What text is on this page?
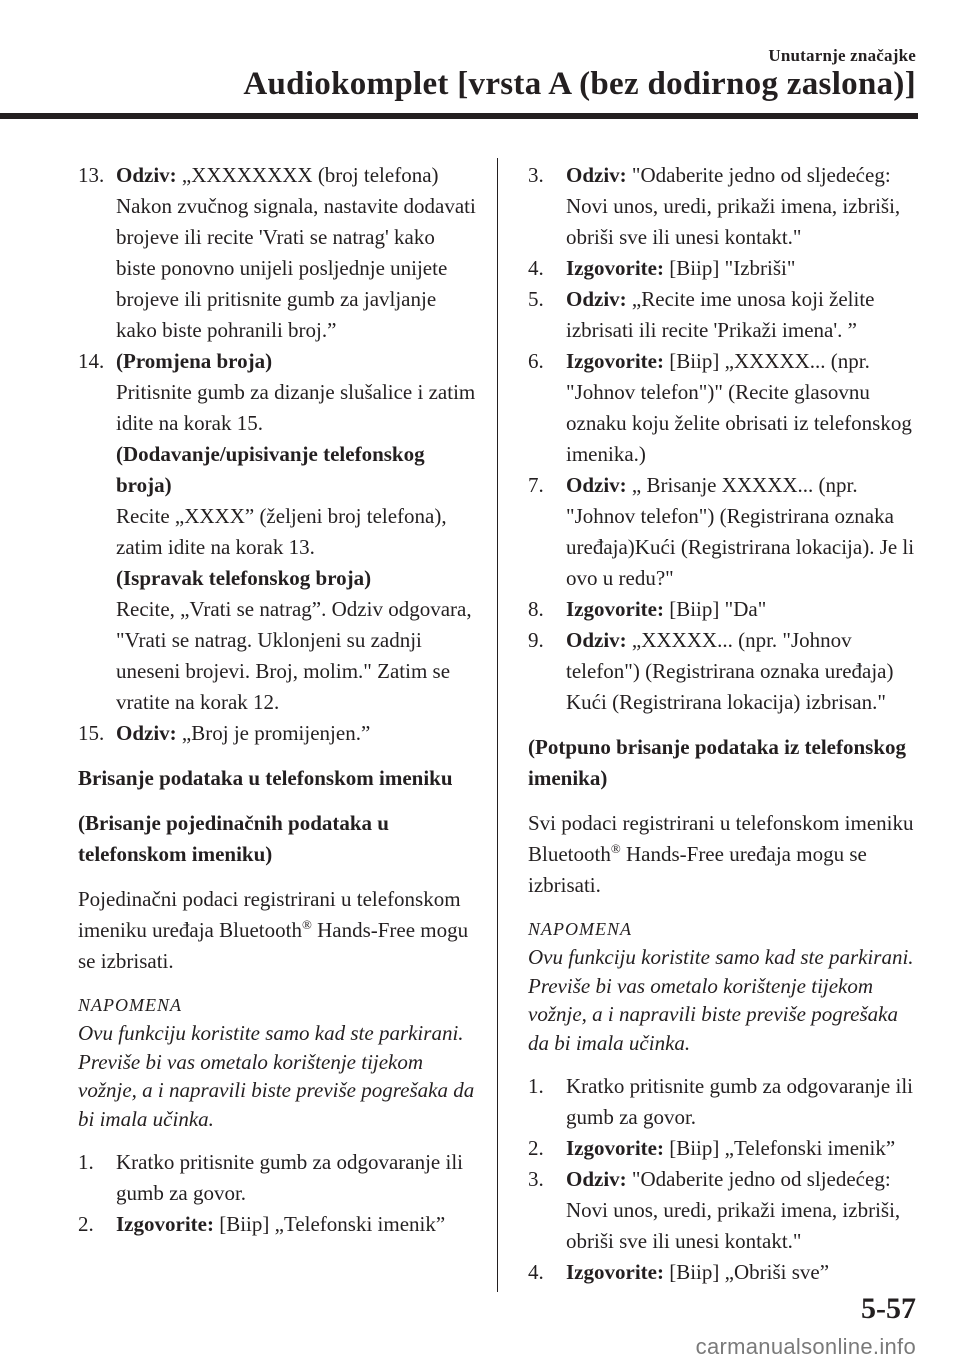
Unutarnje značajke
Audiokomplet [vrsta A (bez dodirnog zaslona)]
13. Odziv: „XXXXXXXX (broj telefona) Nakon zvučnog signala, nastavite dodavati brojeve ili recite 'Vrati se natrag' kako biste ponovno unijeli posljednje unijete brojeve ili pritisnite gumb za javljanje kako biste pohranili broj.”
14. (Promjena broja)
Pritisnite gumb za dizanje slušalice i zatim idite na korak 15.
(Dodavanje/upisivanje telefonskog broja)
Recite „XXXX” (željeni broj telefona), zatim idite na korak 13.
(Ispravak telefonskog broja)
Recite, „Vrati se natrag”. Odziv odgovara, "Vrati se natrag. Uklonjeni su zadnji uneseni brojevi. Broj, molim." Zatim se vratite na korak 12.
15. Odziv: „Broj je promijenjen.”

Brisanje podataka u telefonskom imeniku

(Brisanje pojedinačnih podataka u telefonskom imeniku)

Pojedinačni podaci registrirani u telefonskom imeniku uređaja Bluetooth® Hands-Free mogu se izbrisati.

NAPOMENA

Ovu funkciju koristite samo kad ste parkirani. Previše bi vas ometalo korištenje tijekom vožnje, a i napravili biste previše pogrešaka da bi imala učinka.

1. Kratko pritisnite gumb za odgovaranje ili gumb za govor.
2. Izgovorite: [Biip] „Telefonski imenik”
3. Odziv: "Odaberite jedno od sljedećeg: Novi unos, uredi, prikaži imena, izbriši, obriši sve ili unesi kontakt."
4. Izgovorite: [Biip] "Izbriši"
5. Odziv: „Recite ime unosa koji želite izbrisati ili recite 'Prikaži imena'. ”
6. Izgovorite: [Biip] „XXXXX... (npr. "Johnov telefon")" (Recite glasovnu oznaku koju želite obrisati iz telefonskog imenika.)
7. Odziv: „ Brisanje XXXXX... (npr. "Johnov telefon") (Registrirana oznaka uređaja)Kući (Registrirana lokacija). Je li ovo u redu?"
8. Izgovorite: [Biip] "Da"
9. Odziv: „XXXXX... (npr. "Johnov telefon") (Registrirana oznaka uređaja) Kući (Registrirana lokacija) izbrisan."

(Potpuno brisanje podataka iz telefonskog imenika)

Svi podaci registrirani u telefonskom imeniku Bluetooth® Hands-Free uređaja mogu se izbrisati.

NAPOMENA

Ovu funkciju koristite samo kad ste parkirani. Previše bi vas ometalo korištenje tijekom vožnje, a i napravili biste previše pogrešaka da bi imala učinka.

1. Kratko pritisnite gumb za odgovaranje ili gumb za govor.
2. Izgovorite: [Biip] „Telefonski imenik”
3. Odziv: "Odaberite jedno od sljedećeg: Novi unos, uredi, prikaži imena, izbriši, obriši sve ili unesi kontakt."
4. Izgovorite: [Biip] „Obriši sve”
5-57
carmanualsonline.info
